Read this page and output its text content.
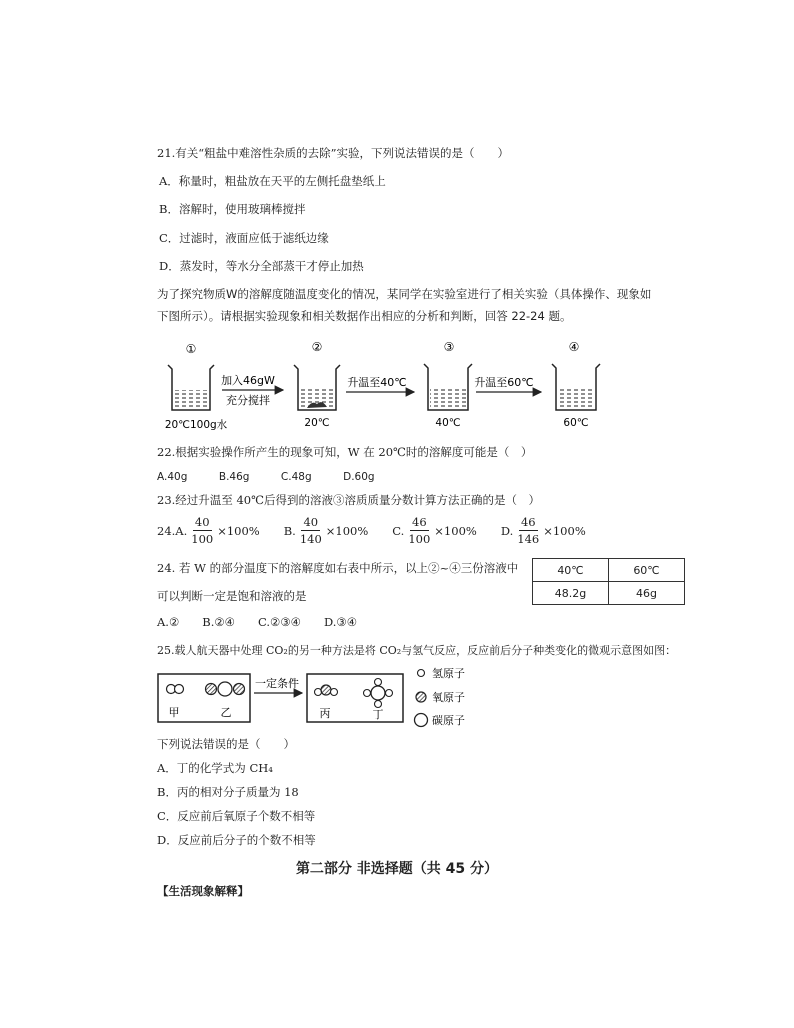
21.有关“粗盐中难溶性杂质的去除”实验，下列说法错误的是（　　）
A．称量时，粗盐放在天平的左侧托盘垫纸上
B．溶解时，使用玻璃棒搅拌
C．过滤时，液面应低于滤纸边缘
D．蒸发时，等水分全部蒸干才停止加热
为了探究物质W的溶解度随温度变化的情况，某同学在实验室进行了相关实验（具体操作、现象如
下图所示）。请根据实验现象和相关数据作出相应的分析和判断，回答 22-24 题。
①	②	③	④
加入46gW
充分搅拌
升温至40℃	升温至60℃
20℃100g水	20℃	40℃	60℃
22.根据实验操作所产生的现象可知，W 在 20℃时的溶解度可能是（　）
A.40g　　　B.46g　　　C.48g　　　D.60g
23.经过升温至 40℃后得到的溶液③溶质质量分数计算方法正确的是（　）
24.A. $\frac{40}{100} \times 100\%$ B. $\frac{40}{140} \times 100\%$ C. $\frac{46}{100} \times 100\%$ D. $\frac{46}{146} \times 100\%$
24. 若 W 的部分温度下的溶解度如右表中所示，以上②~④三份溶液中
可以判断一定是饱和溶液的是
A.②　　B.②④　　C.②③④　　D.③④
40℃	60℃
48.2g	46g
25.载人航天器中处理 CO₂的另一种方法是将 CO₂与氢气反应，反应前后分子种类变化的微观示意图如图：
甲	乙
一定条件
丙	丁
氢原子
氧原子
碳原子
下列说法错误的是（　　）
A．丁的化学式为 CH₄
B．丙的相对分子质量为 18
C．反应前后氧原子个数不相等
D．反应前后分子的个数不相等
第二部分 非选择题（共 45 分）
【生活现象解释】
